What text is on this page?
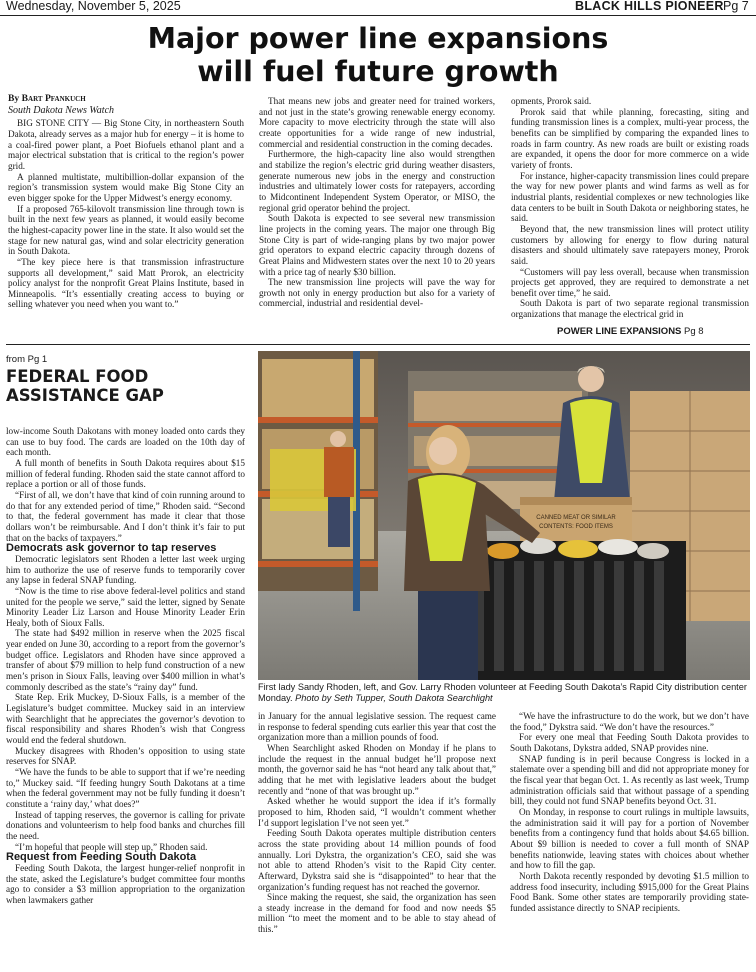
Wednesday, November 5, 2025	BLACK HILLS PIONEER Pg 7
Major power line expansions
will fuel future growth
By Bart Pfankuch
South Dakota News Watch

BIG STONE CITY — Big Stone City, in northeastern South Dakota, already serves as a major hub for energy – it is home to a coal-fired power plant, a Poet Biofuels ethanol plant and a major electrical substation that is critical to the region’s power grid.

A planned multistate, multibillion-dollar expansion of the region’s transmission system would make Big Stone City an even bigger spoke for the Upper Midwest’s energy economy.

If a proposed 765-kilovolt transmission line through town is built in the next few years as planned, it would easily become the highest-capacity power line in the state. It also would set the stage for new natural gas, wind and solar electricity generation in South Dakota.

“The key piece here is that transmission infrastructure supports all development,” said Matt Prorok, an electricity policy analyst for the nonprofit Great Plains Institute, based in Minneapolis. “It’s essentially creating access to buying or selling whatever you need when you want to.”

That means new jobs and greater need for trained workers, and not just in the state’s growing renewable energy economy. More capacity to move electricity through the state will also create opportunities for a wide range of new industrial, commercial and residential construction in the coming decades.

Furthermore, the high-capacity line also would strengthen and stabilize the region’s electric grid during weather disasters, generate numerous new jobs in the energy and construction industries and ultimately lower costs for ratepayers, according to Midcontinent Independent System Operator, or MISO, the regional grid operator behind the project.

South Dakota is expected to see several new transmission line projects in the coming years. The major one through Big Stone City is part of wide-ranging plans by two major power grid operators to expand electric capacity through dozens of Great Plains and Midwestern states over the next 10 to 20 years with a price tag of nearly $30 billion.

The new transmission line projects will pave the way for growth not only in energy production but also for a variety of commercial, industrial and residential devel-

opments, Prorok said.

Prorok said that while planning, forecasting, siting and funding transmission lines is a complex, multi-year process, the benefits can be simplified by comparing the expanded lines to roads in farm country. As new roads are built or existing roads are expanded, it opens the door for more commerce on a wide variety of fronts.

For instance, higher-capacity transmission lines could prepare the way for new power plants and wind farms as well as for industrial plants, residential complexes or new technologies like data centers to be built in South Dakota or neighboring states, he said.

Beyond that, the new transmission lines will protect utility customers by allowing for energy to flow during natural disasters and should ultimately save ratepayers money, Prorok said.

“Customers will pay less overall, because when transmission projects get approved, they are required to demonstrate a net benefit over time,” he said.

South Dakota is part of two separate regional transmission organizations that manage the electrical grid in

POWER LINE EXPANSIONS Pg 8
from Pg 1
FEDERAL FOOD
ASSISTANCE GAP

low-income South Dakotans with money loaded onto cards they can use to buy food. The cards are loaded on the 10th day of each month.

A full month of benefits in South Dakota requires about $15 million of federal funding. Rhoden said the state cannot afford to replace a portion or all of those funds.

“First of all, we don’t have that kind of coin running around to do that for any extended period of time,” Rhoden said. “Second to that, the federal government has made it clear that those dollars won’t be reimbursable. And I don’t think it’s fair to put that on the backs of taxpayers.”

Democrats ask governor to tap reserves

Democratic legislators sent Rhoden a letter last week urging him to authorize the use of reserve funds to temporarily cover any lapse in federal SNAP funding.

“Now is the time to rise above federal-level politics and stand united for the people we serve,” said the letter, signed by Senate Minority Leader Liz Larson and House Minority Leader Erin Healy, both of Sioux Falls.

The state had $492 million in reserve when the 2025 fiscal year ended on June 30, according to a report from the governor’s budget office. Legislators and Rhoden have since approved a transfer of about $79 million to help fund construction of a new men’s prison in Sioux Falls, leaving over $400 million in what’s commonly described as the state’s “rainy day” fund.

State Rep. Erik Muckey, D-Sioux Falls, is a member of the Legislature’s budget committee. Muckey said in an interview with Searchlight that he appreciates the governor’s devotion to fiscal responsibility and shares Rhoden’s wish that Congress would end the federal shutdown.

Muckey disagrees with Rhoden’s opposition to using state reserves for SNAP.

“We have the funds to be able to support that if we’re needing to,” Muckey said. “If feeding hungry South Dakotans at a time when the federal government may not be fully funding it doesn’t constitute a ‘rainy day,’ what does?”

Instead of tapping reserves, the governor is calling for private donations and volunteerism to help food banks and churches fill the need.

“I’m hopeful that people will step up,” Rhoden said.

Request from Feeding South Dakota

Feeding South Dakota, the largest hunger-relief nonprofit in the state, asked the Legislature’s budget committee four months ago to consider a $3 million appropriation to the organization when lawmakers gather

CANNED MEAT OR SIMILAR
CONTENTS: FOOD ITEMS
First lady Sandy Rhoden, left, and Gov. Larry Rhoden volunteer at Feeding South Dakota’s Rapid City distribution center Monday. Photo by Seth Tupper, South Dakota Searchlight

in January for the annual legislative session. The request came in response to federal spending cuts earlier this year that cost the organization more than a million pounds of food.

When Searchlight asked Rhoden on Monday if he plans to include the request in the annual budget he’ll propose next month, the governor said he has “not heard any talk about that,” adding that he met with legislative leaders about the budget recently and “none of that was brought up.”

Asked whether he would support the idea if it’s formally proposed to him, Rhoden said, “I wouldn’t comment whether I’d support legislation I’ve not seen yet.”

Feeding South Dakota operates multiple distribution centers across the state providing about 14 million pounds of food annually. Lori Dykstra, the organization’s CEO, said she was not able to attend Rhoden’s visit to the Rapid City center. Afterward, Dykstra said she is “disappointed” to hear that the organization’s funding request has not reached the governor.

Since making the request, she said, the organization has seen a steady increase in the demand for food and now needs $5 million “to meet the moment and to be able to stay ahead of this.”

“We have the infrastructure to do the work, but we don’t have the food,” Dykstra said. “We don’t have the resources.”

For every one meal that Feeding South Dakota provides to South Dakotans, Dykstra added, SNAP provides nine.

SNAP funding is in peril because Congress is locked in a stalemate over a spending bill and did not appropriate money for the fiscal year that began Oct. 1. As recently as last week, Trump administration officials said that without passage of a spending bill, they could not fund SNAP benefits beyond Oct. 31.

On Monday, in response to court rulings in multiple lawsuits, the administration said it will pay for a portion of November benefits from a contingency fund that holds about $4.65 billion. About $9 billion is needed to cover a full month of SNAP benefits nationwide, leaving states with choices about whether and how to fill the gap.

North Dakota recently responded by devoting $1.5 million to address food insecurity, including $915,000 for the Great Plains Food Bank. Some other states are temporarily providing state-funded assistance directly to SNAP recipients.
